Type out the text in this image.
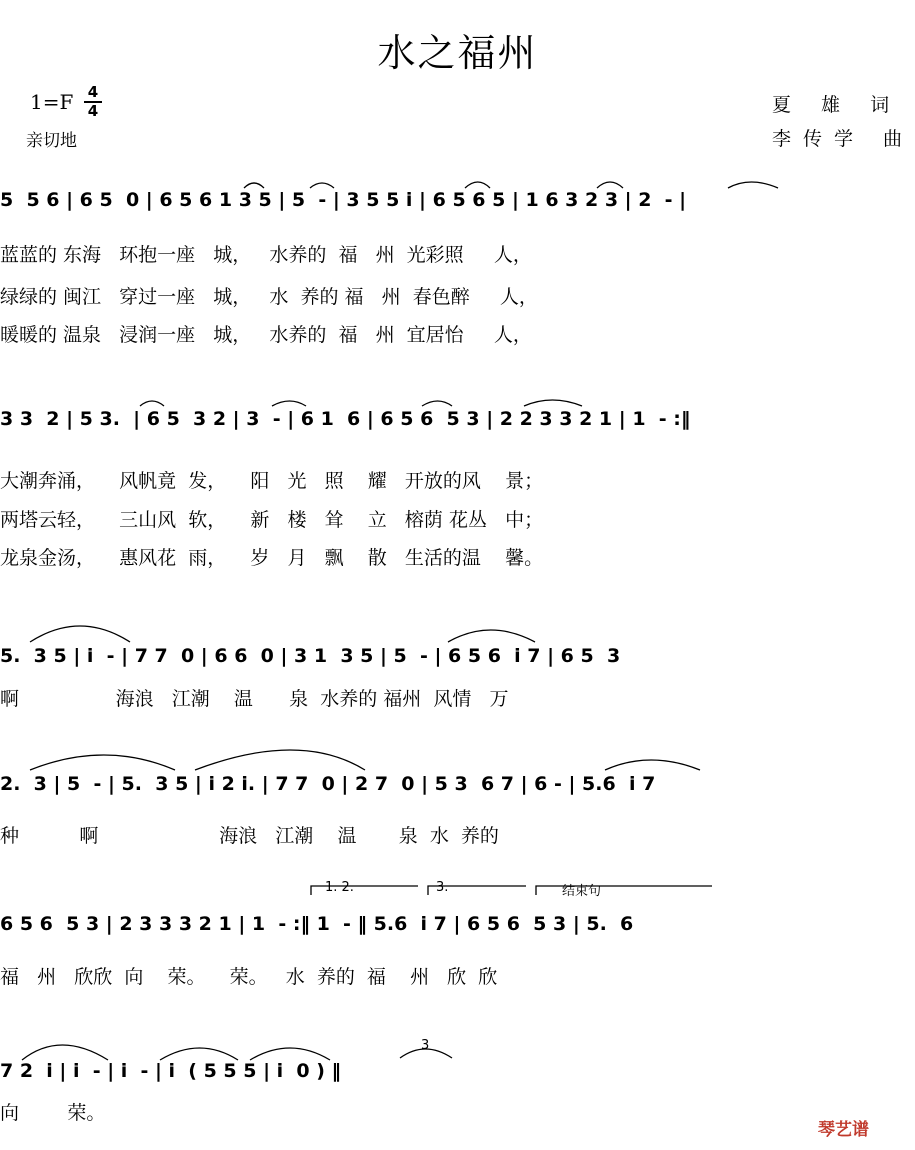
水之福州
1=F 4
4
亲切地
夏 雄 词
李传学 曲
5  5 6 | 6 5  0 | 6 5 6 1 3 5 | 5  - | 3 5 5 i | 6 5 6 5 | 1 6 3 2 3 | 2  - |
蓝蓝的 东海   环抱一座   城，   水养的  福   州  光彩照     人，
绿绿的 闽江   穿过一座   城，   水  养的 福   州  春色醉     人，
暖暖的 温泉   浸润一座   城，   水养的  福   州  宜居怡     人，
3 3  2 | 5 3.  | 6 5  3 2 | 3  - | 6 1  6 | 6 5 6  5 3 | 2 2 3 3 2 1 | 1  - :‖
大潮奔涌，    风帆竟  发，    阳   光   照    耀   开放的风    景；
两塔云轻，    三山风  软，    新   楼   耸    立   榕荫 花丛   中；
龙泉金汤，    惠风花  雨，    岁   月   飘    散   生活的温    馨。
5.  3 5 | i  - | 7 7  0 | 6 6  0 | 3 1  3 5 | 5  - | 6 5 6  i 7 | 6 5  3
啊                海浪   江潮    温      泉  水养的 福州  风情   万
2.  3 | 5  - | 5.  3 5 | i 2 i. | 7 7  0 | 2 7  0 | 5 3  6 7 | 6 - | 5.6  i 7
种          啊                    海浪   江潮    温       泉  水  养的
1. 2.	3.	结束句
6 5 6  5 3 | 2 3 3 3 2 1 | 1  - :‖ 1  - ‖ 5.6  i 7 | 6 5 6  5 3 | 5.  6
福   州   欣欣  向    荣。    荣。   水  养的  福    州   欣  欣
3
7 2  i | i  - | i  - | i  ( 5 5 5 | i  0 ) ‖
向        荣。
琴艺谱
